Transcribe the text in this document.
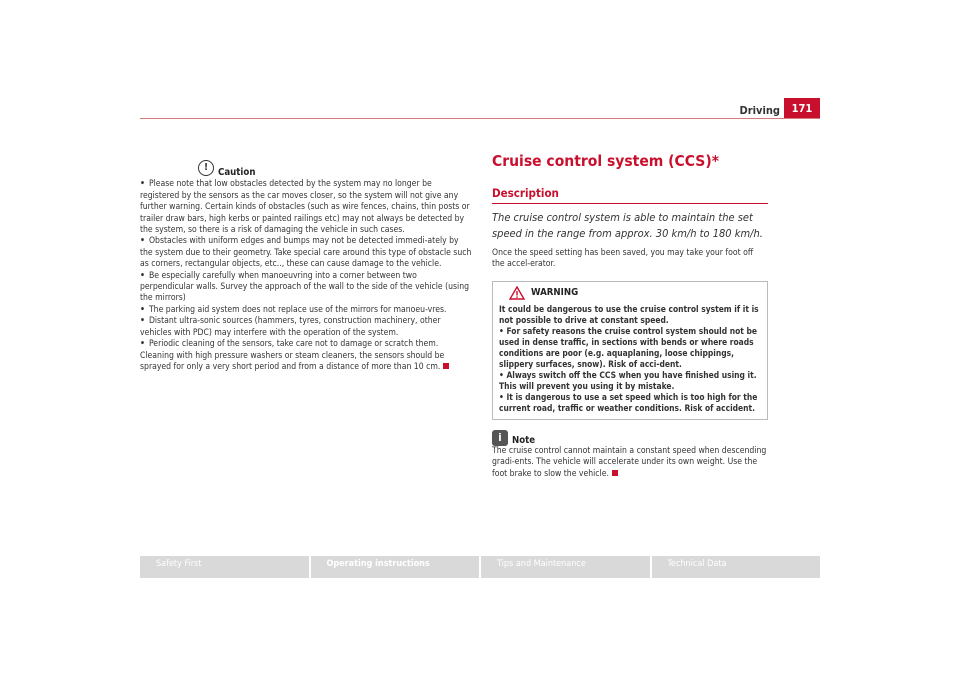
Driving	171
!	Caution

• Please note that low obstacles detected by the system may no longer be registered by the sensors as the car moves closer, so the system will not give any further warning. Certain kinds of obstacles (such as wire fences, chains, thin posts or trailer draw bars, high kerbs or painted railings etc) may not always be detected by the system, so there is a risk of damaging the vehicle in such cases.

• Obstacles with uniform edges and bumps may not be detected immedi-ately by the system due to their geometry. Take special care around this type of obstacle such as corners, rectangular objects, etc.., these can cause damage to the vehicle.

• Be especially carefully when manoeuvring into a corner between two perpendicular walls. Survey the approach of the wall to the side of the vehicle (using the mirrors)

• The parking aid system does not replace use of the mirrors for manoeu-vres.

• Distant ultra-sonic sources (hammers, tyres, construction machinery, other vehicles with PDC) may interfere with the operation of the system.

• Periodic cleaning of the sensors, take care not to damage or scratch them. Cleaning with high pressure washers or steam cleaners, the sensors should be sprayed for only a very short period and from a distance of more than 10 cm.

Cruise control system (CCS)*
Description

The cruise control system is able to maintain the set speed in the range from approx. 30 km/h to 180 km/h.

Once the speed setting has been saved, you may take your foot off the accel-erator.

WARNING

It could be dangerous to use the cruise control system if it is not possible to drive at constant speed.

• For safety reasons the cruise control system should not be used in dense traffic, in sections with bends or where roads conditions are poor (e.g. aquaplaning, loose chippings, slippery surfaces, snow). Risk of acci-dent.

• Always switch off the CCS when you have finished using it. This will prevent you using it by mistake.

• It is dangerous to use a set speed which is too high for the current road, traffic or weather conditions. Risk of accident.

i	Note

The cruise control cannot maintain a constant speed when descending gradi-ents. The vehicle will accelerate under its own weight. Use the foot brake to slow the vehicle.

Safety First	Operating instructions	Tips and Maintenance	Technical Data
